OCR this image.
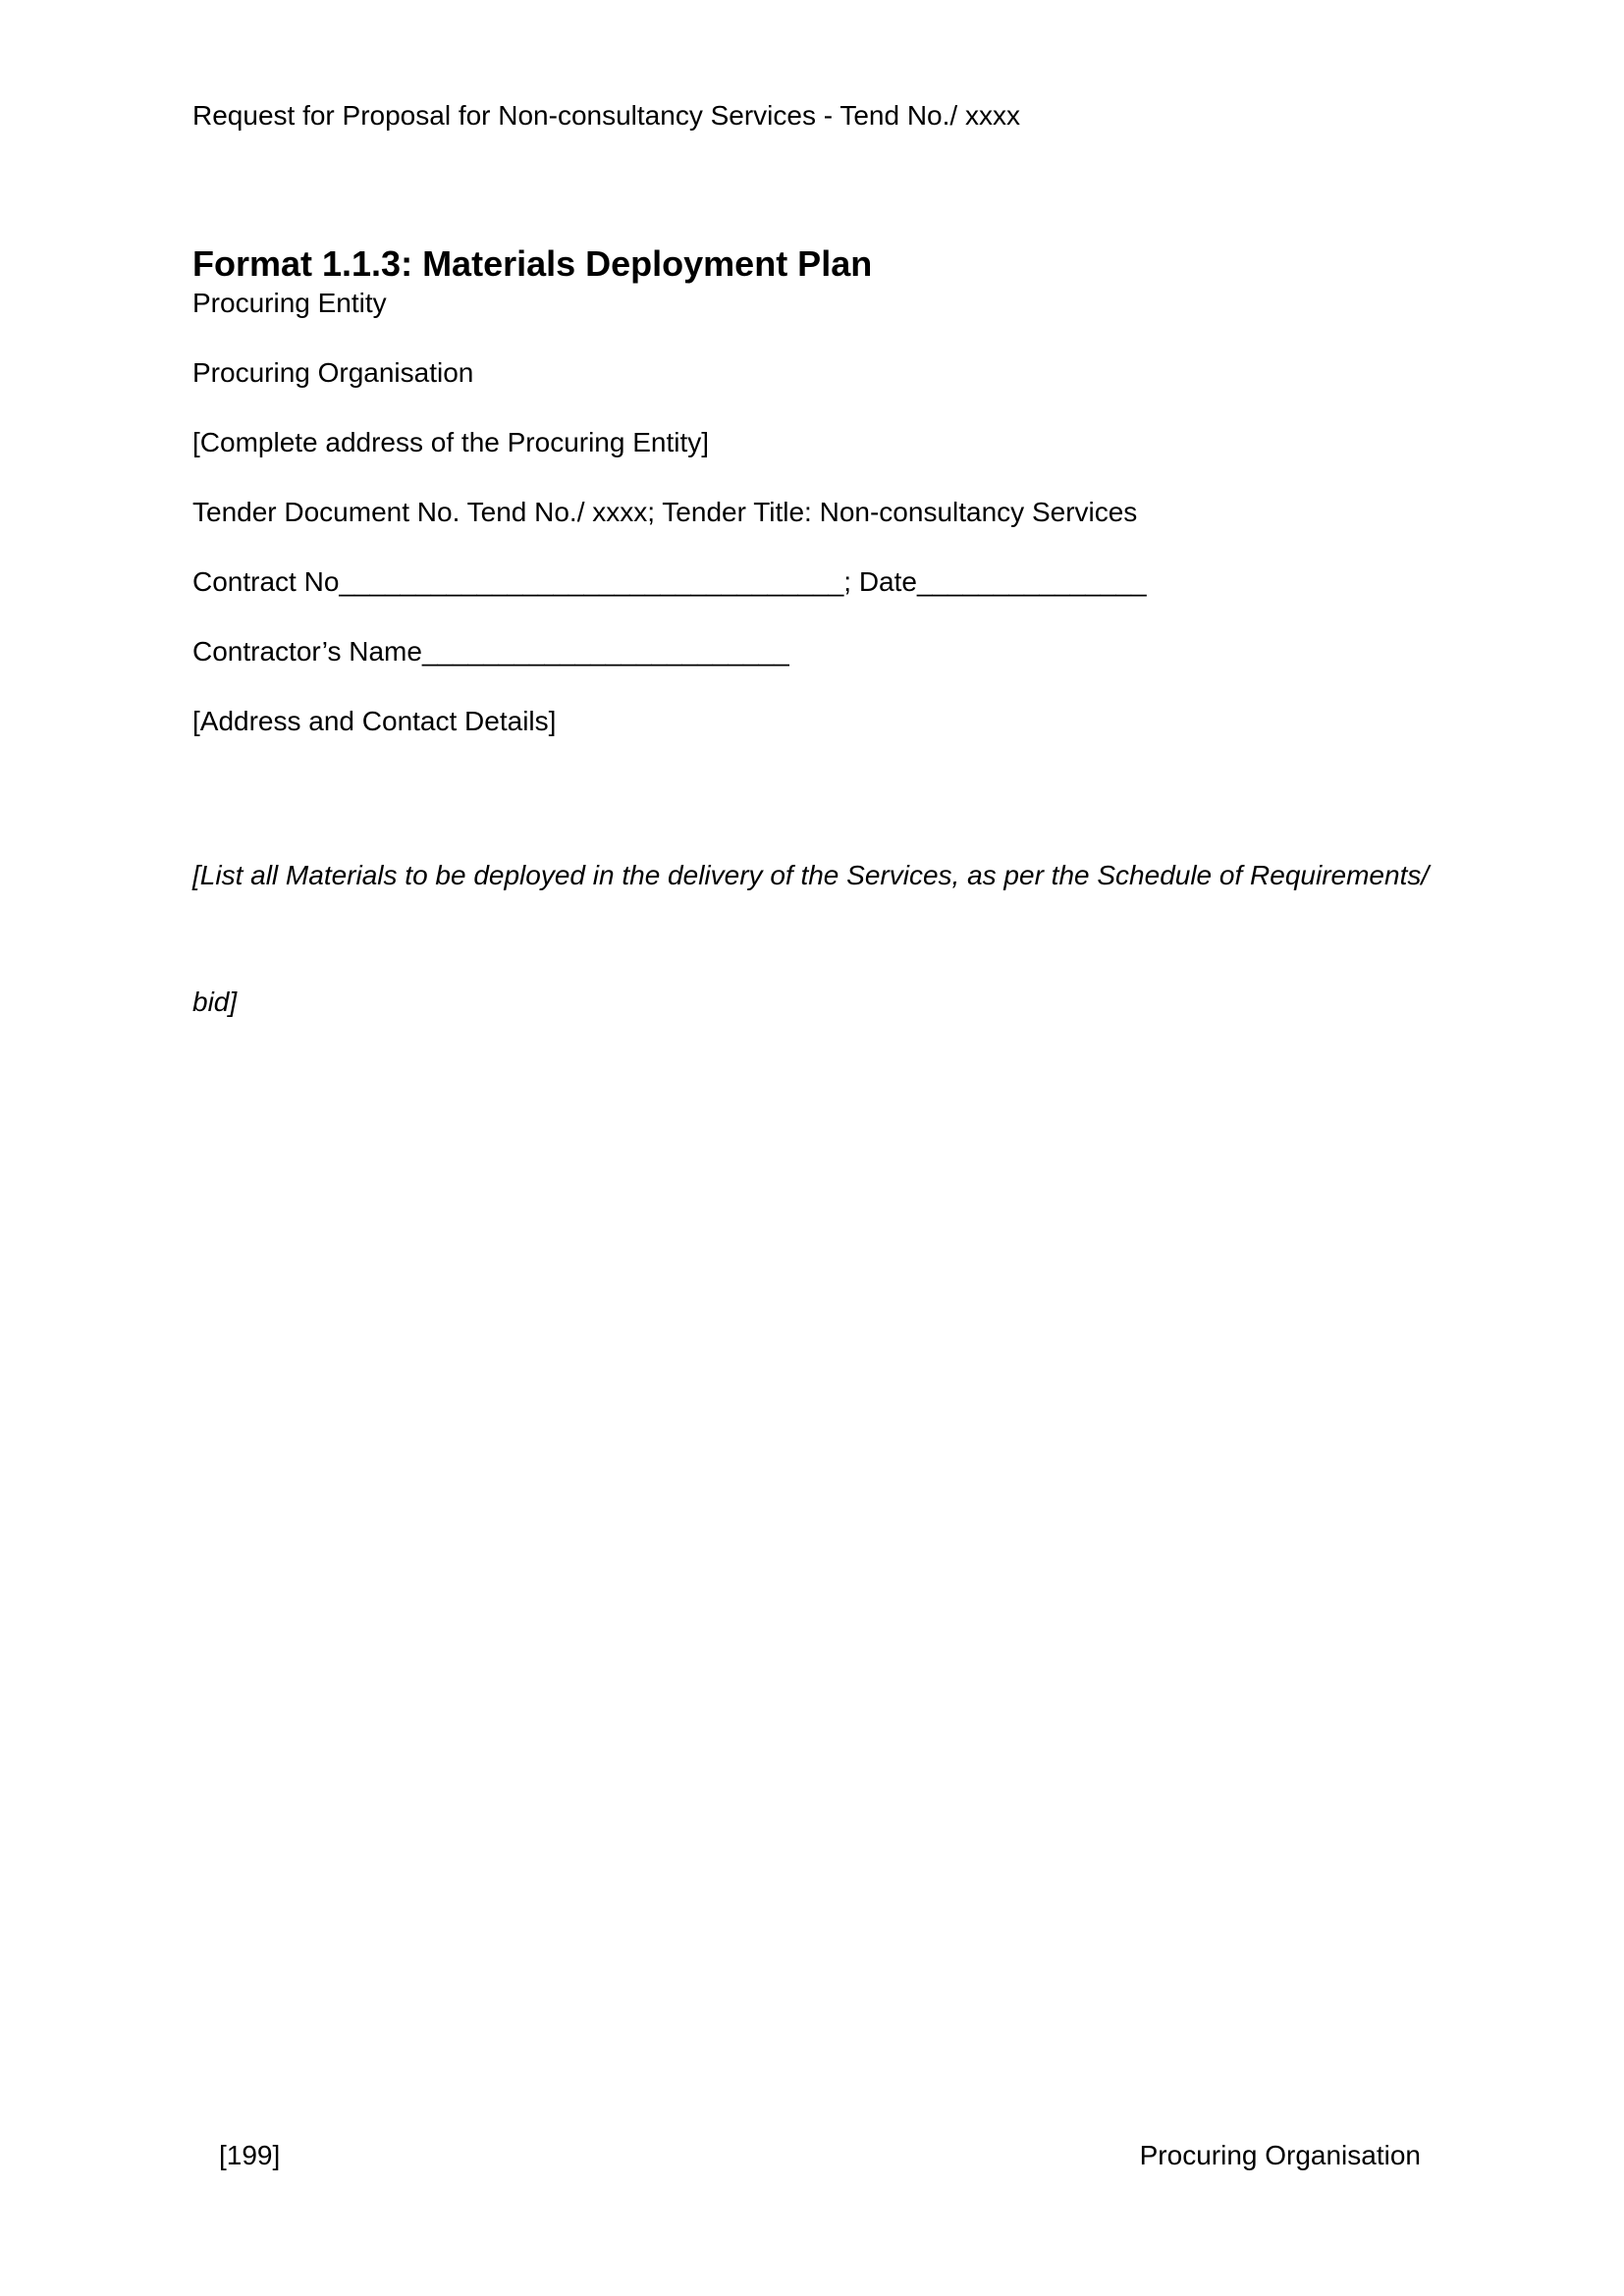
Request for Proposal for Non-consultancy Services - Tend No./ xxxx
Format 1.1.3: Materials Deployment Plan

Procuring Entity

Procuring Organisation

[Complete address of the Procuring Entity]

Tender Document No. Tend No./ xxxx; Tender Title: Non-consultancy Services

Contract No_________________________________; Date_______________

Contractor’s Name________________________

[Address and Contact Details]

[List all Materials to be deployed in the delivery of the Services, as per the Schedule of Requirements/

bid]

[199]	Procuring Organisation
